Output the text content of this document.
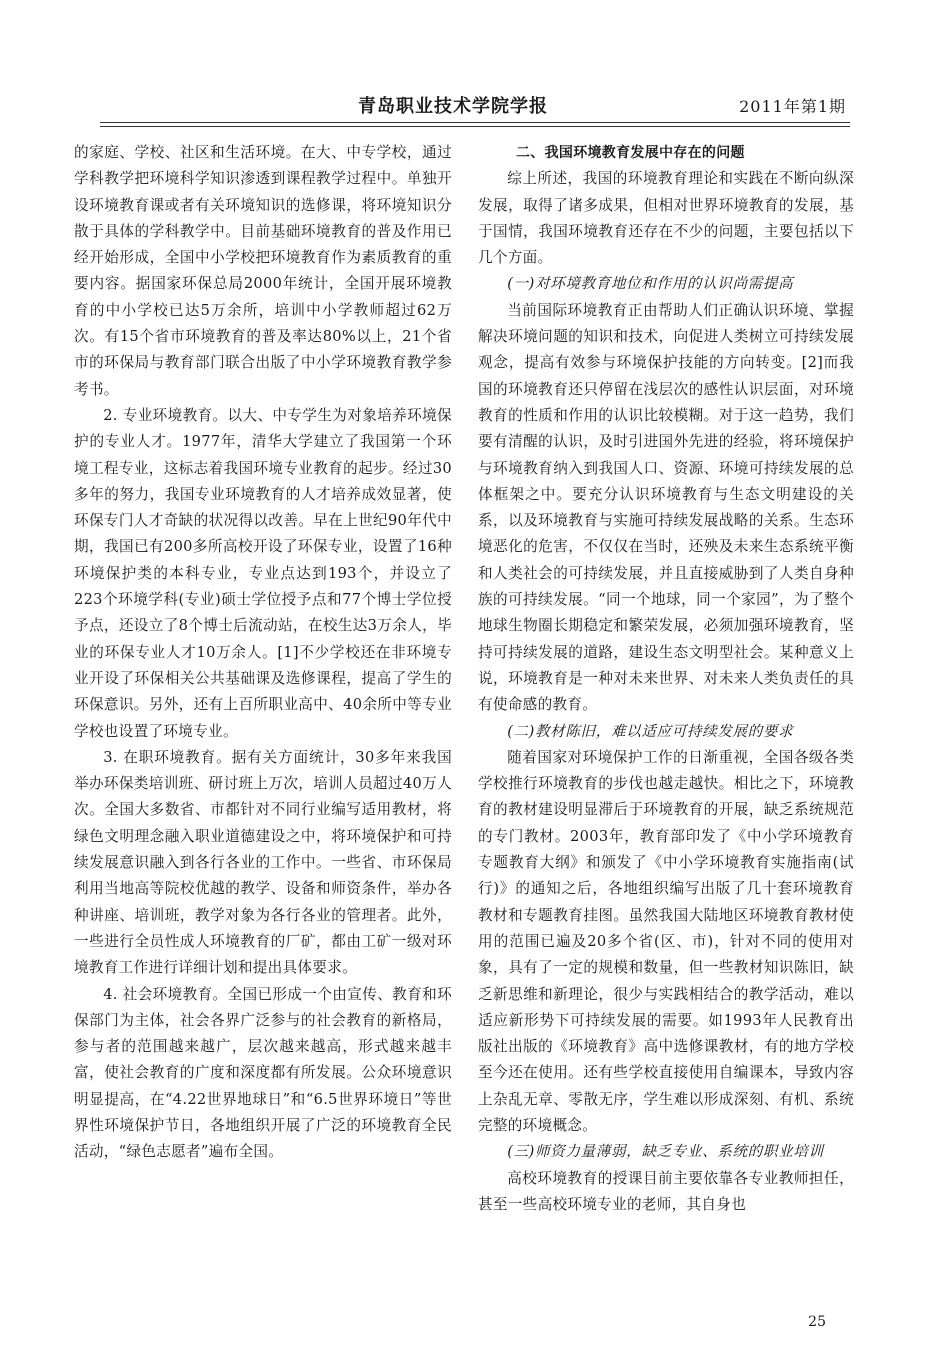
青岛职业技术学院学报	2011年第1期

的家庭、学校、社区和生活环境。在大、中专学校，通过学科教学把环境科学知识渗透到课程教学过程中。单独开设环境教育课或者有关环境知识的选修课，将环境知识分散于具体的学科教学中。目前基础环境教育的普及作用已经开始形成，全国中小学校把环境教育作为素质教育的重要内容。据国家环保总局2000年统计，全国开展环境教育的中小学校已达5万余所，培训中小学教师超过62万次。有15个省市环境教育的普及率达80%以上，21个省市的环保局与教育部门联合出版了中小学环境教育教学参考书。

2. 专业环境教育。以大、中专学生为对象培养环境保护的专业人才。1977年，清华大学建立了我国第一个环境工程专业，这标志着我国环境专业教育的起步。经过30多年的努力，我国专业环境教育的人才培养成效显著，使环保专门人才奇缺的状况得以改善。早在上世纪90年代中期，我国已有200多所高校开设了环保专业，设置了16种环境保护类的本科专业，专业点达到193个，并设立了223个环境学科(专业)硕士学位授予点和77个博士学位授予点，还设立了8个博士后流动站，在校生达3万余人，毕业的环保专业人才10万余人。[1]不少学校还在非环境专业开设了环保相关公共基础课及选修课程，提高了学生的环保意识。另外，还有上百所职业高中、40余所中等专业学校也设置了环境专业。

3. 在职环境教育。据有关方面统计，30多年来我国举办环保类培训班、研讨班上万次，培训人员超过40万人次。全国大多数省、市都针对不同行业编写适用教材，将绿色文明理念融入职业道德建设之中，将环境保护和可持续发展意识融入到各行各业的工作中。一些省、市环保局利用当地高等院校优越的教学、设备和师资条件，举办各种讲座、培训班，教学对象为各行各业的管理者。此外，一些进行全员性成人环境教育的厂矿，都由工矿一级对环境教育工作进行详细计划和提出具体要求。

4. 社会环境教育。全国已形成一个由宣传、教育和环保部门为主体，社会各界广泛参与的社会教育的新格局，参与者的范围越来越广，层次越来越高，形式越来越丰富，使社会教育的广度和深度都有所发展。公众环境意识明显提高，在“4.22世界地球日”和“6.5世界环境日”等世界性环境保护节日，各地组织开展了广泛的环境教育全民活动，“绿色志愿者”遍布全国。

二、我国环境教育发展中存在的问题

综上所述，我国的环境教育理论和实践在不断向纵深发展，取得了诸多成果，但相对世界环境教育的发展，基于国情，我国环境教育还存在不少的问题，主要包括以下几个方面。

(一)对环境教育地位和作用的认识尚需提高

当前国际环境教育正由帮助人们正确认识环境、掌握解决环境问题的知识和技术，向促进人类树立可持续发展观念，提高有效参与环境保护技能的方向转变。[2]而我国的环境教育还只停留在浅层次的感性认识层面，对环境教育的性质和作用的认识比较模糊。对于这一趋势，我们要有清醒的认识，及时引进国外先进的经验，将环境保护与环境教育纳入到我国人口、资源、环境可持续发展的总体框架之中。要充分认识环境教育与生态文明建设的关系，以及环境教育与实施可持续发展战略的关系。生态环境恶化的危害，不仅仅在当时，还殃及未来生态系统平衡和人类社会的可持续发展，并且直接威胁到了人类自身种族的可持续发展。“同一个地球，同一个家园”，为了整个地球生物圈长期稳定和繁荣发展，必须加强环境教育，坚持可持续发展的道路，建设生态文明型社会。某种意义上说，环境教育是一种对未来世界、对未来人类负责任的具有使命感的教育。

(二)教材陈旧，难以适应可持续发展的要求

随着国家对环境保护工作的日渐重视，全国各级各类学校推行环境教育的步伐也越走越快。相比之下，环境教育的教材建设明显滞后于环境教育的开展，缺乏系统规范的专门教材。2003年，教育部印发了《中小学环境教育专题教育大纲》和颁发了《中小学环境教育实施指南(试行)》的通知之后，各地组织编写出版了几十套环境教育教材和专题教育挂图。虽然我国大陆地区环境教育教材使用的范围已遍及20多个省(区、市)，针对不同的使用对象，具有了一定的规模和数量，但一些教材知识陈旧，缺乏新思维和新理论，很少与实践相结合的教学活动，难以适应新形势下可持续发展的需要。如1993年人民教育出版社出版的《环境教育》高中选修课教材，有的地方学校至今还在使用。还有些学校直接使用自编课本，导致内容上杂乱无章、零散无序，学生难以形成深刻、有机、系统完整的环境概念。

(三)师资力量薄弱，缺乏专业、系统的职业培训

高校环境教育的授课目前主要依靠各专业教师担任，甚至一些高校环境专业的老师，其自身也

25
